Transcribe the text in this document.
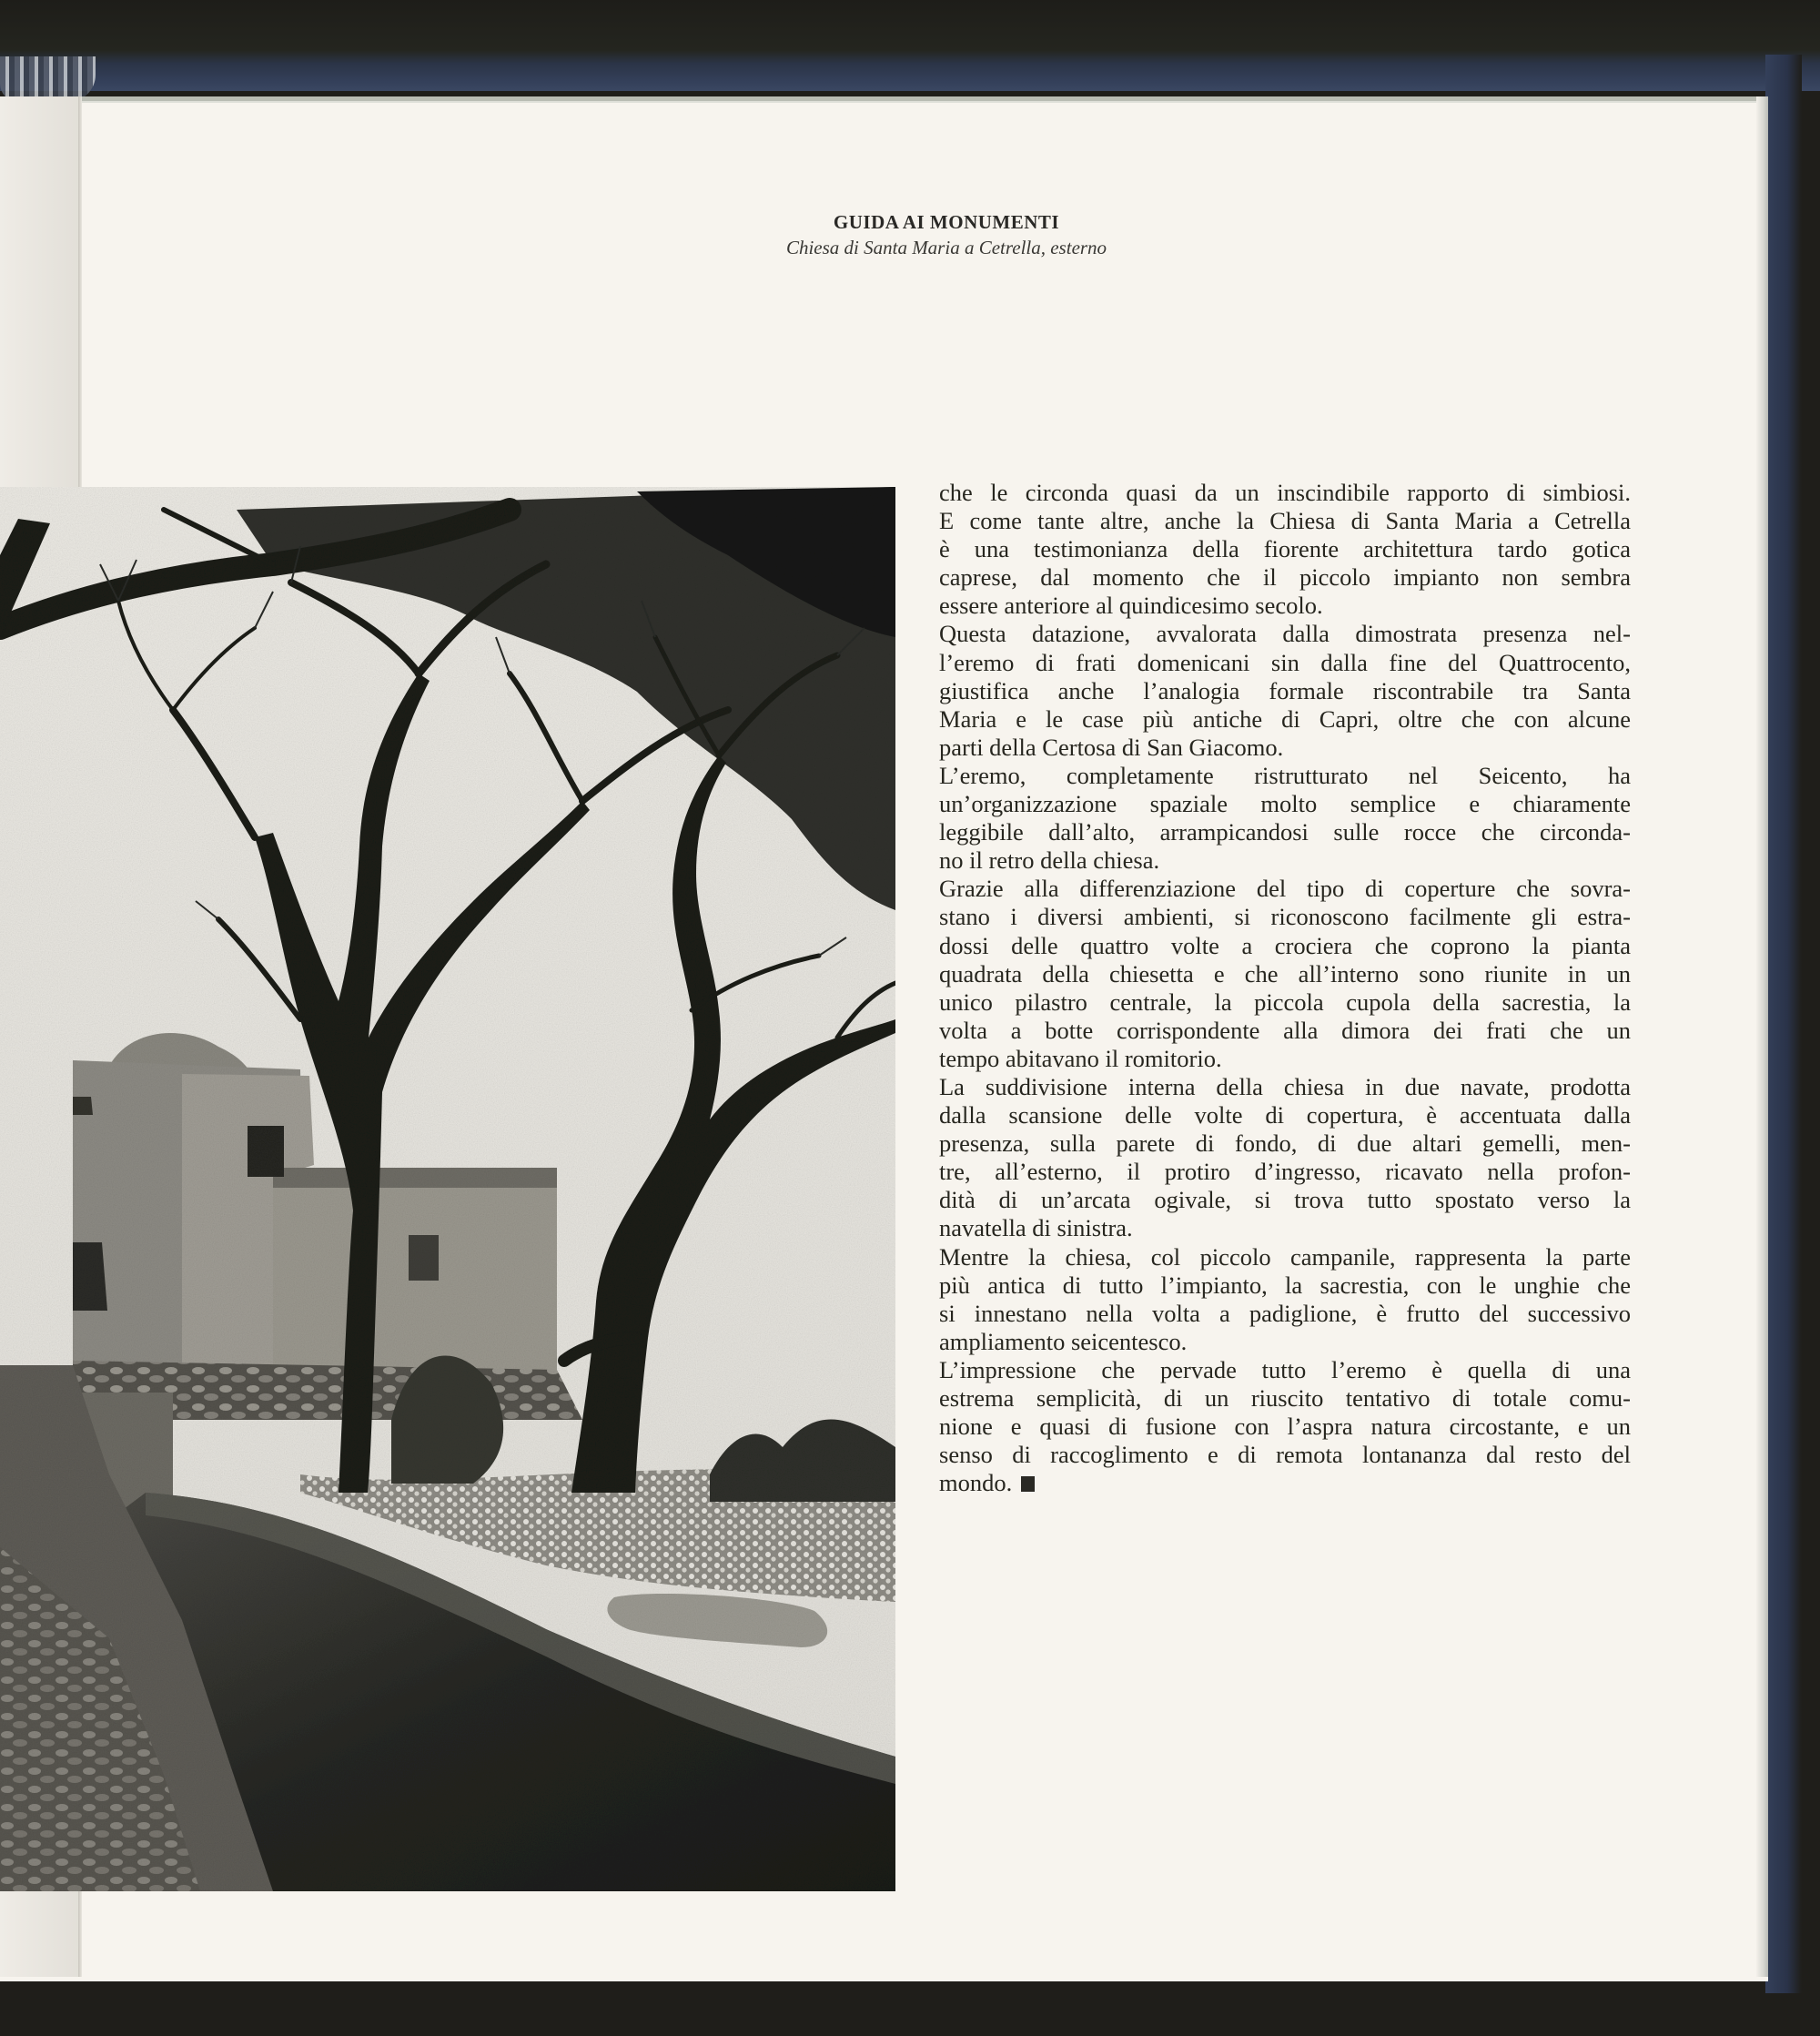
GUIDA AI MONUMENTI
Chiesa di Santa Maria a Cetrella, esterno
che le circonda quasi da un inscindibile rapporto di simbiosi.
E come tante altre, anche la Chiesa di Santa Maria a Cetrella
è una testimonianza della fiorente architettura tardo gotica
caprese, dal momento che il piccolo impianto non sembra
essere anteriore al quindicesimo secolo.
Questa datazione, avvalorata dalla dimostrata presenza nel-
l’eremo di frati domenicani sin dalla fine del Quattrocento,
giustifica anche l’analogia formale riscontrabile tra Santa
Maria e le case più antiche di Capri, oltre che con alcune
parti della Certosa di San Giacomo.
L’eremo, completamente ristrutturato nel Seicento, ha
un’organizzazione spaziale molto semplice e chiaramente
leggibile dall’alto, arrampicandosi sulle rocce che circonda-
no il retro della chiesa.
Grazie alla differenziazione del tipo di coperture che sovra-
stano i diversi ambienti, si riconoscono facilmente gli estra-
dossi delle quattro volte a crociera che coprono la pianta
quadrata della chiesetta e che all’interno sono riunite in un
unico pilastro centrale, la piccola cupola della sacrestia, la
volta a botte corrispondente alla dimora dei frati che un
tempo abitavano il romitorio.
La suddivisione interna della chiesa in due navate, prodotta
dalla scansione delle volte di copertura, è accentuata dalla
presenza, sulla parete di fondo, di due altari gemelli, men-
tre, all’esterno, il protiro d’ingresso, ricavato nella profon-
dità di un’arcata ogivale, si trova tutto spostato verso la
navatella di sinistra.
Mentre la chiesa, col piccolo campanile, rappresenta la parte
più antica di tutto l’impianto, la sacrestia, con le unghie che
si innestano nella volta a padiglione, è frutto del successivo
ampliamento seicentesco.
L’impressione che pervade tutto l’eremo è quella di una
estrema semplicità, di un riuscito tentativo di totale comu-
nione e quasi di fusione con l’aspra natura circostante, e un
senso di raccoglimento e di remota lontananza dal resto del
mondo.
